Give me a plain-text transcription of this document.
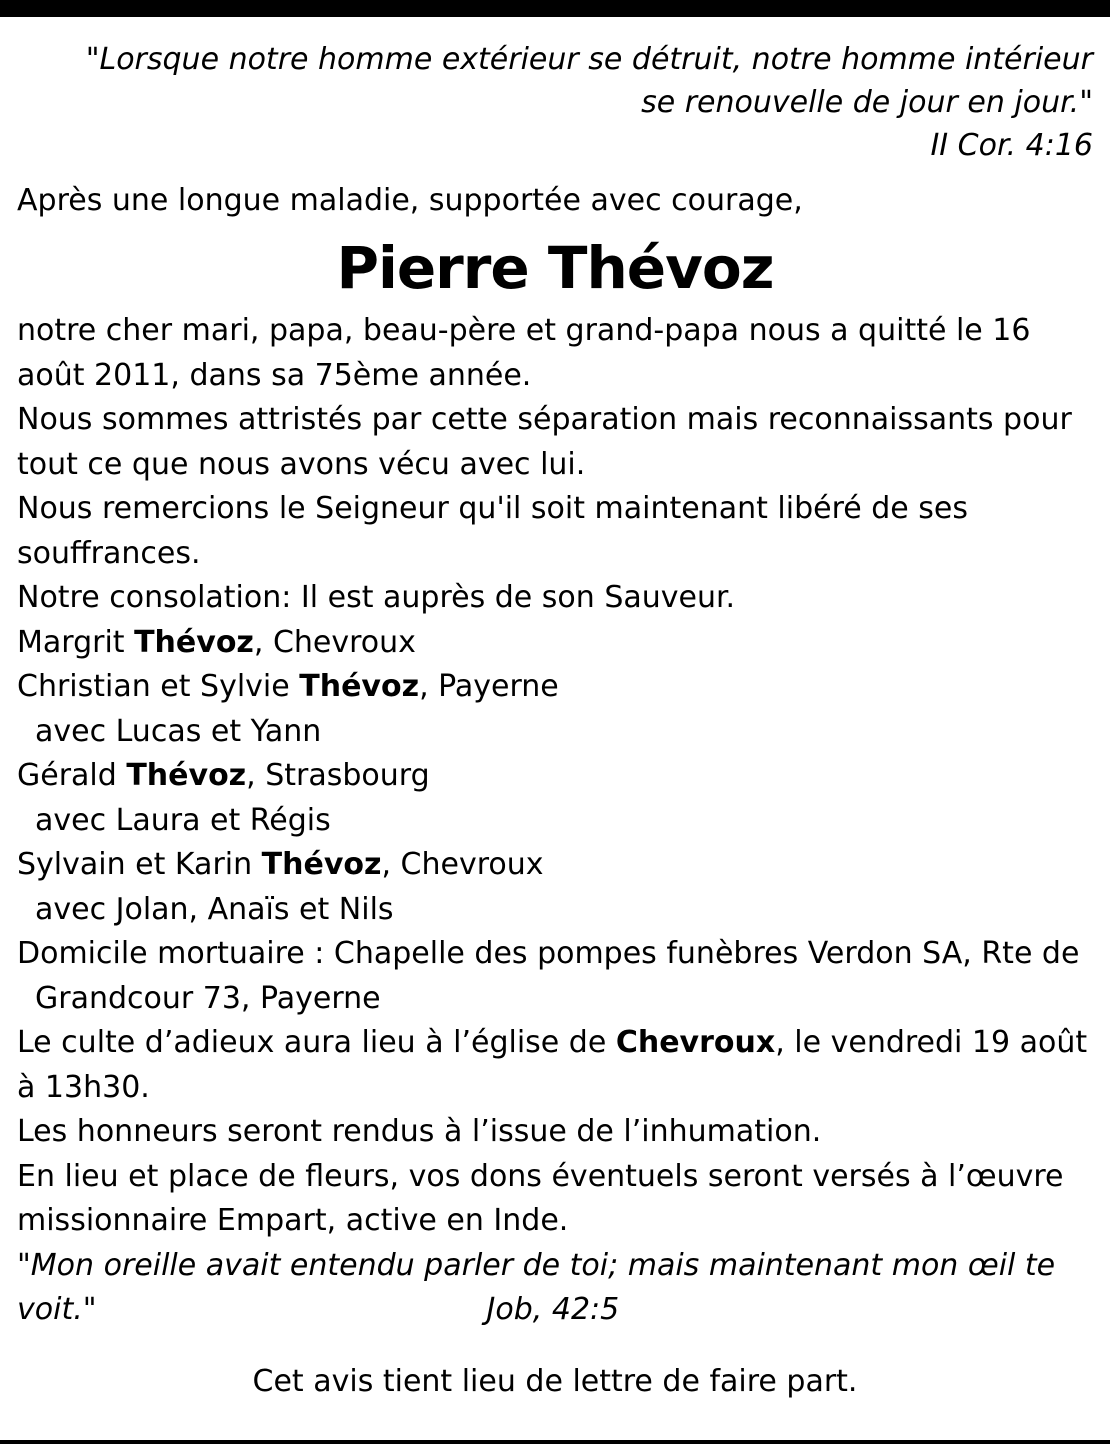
"Lorsque notre homme extérieur se détruit, notre homme intérieur

se renouvelle de jour en jour."

II Cor. 4:16

Après une longue maladie, supportée avec courage,

Pierre Thévoz

notre cher mari, papa, beau-père et grand-papa nous a quitté le 16 août 2011, dans sa 75ème année.

Nous sommes attristés par cette séparation mais reconnaissants pour tout ce que nous avons vécu avec lui.

Nous remercions le Seigneur qu'il soit maintenant libéré de ses souffrances.

Notre consolation: Il est auprès de son Sauveur.

Margrit Thévoz, Chevroux

Christian et Sylvie Thévoz, Payerne

avec Lucas et Yann

Gérald Thévoz, Strasbourg

avec Laura et Régis

Sylvain et Karin Thévoz, Chevroux

avec Jolan, Anaïs et Nils

Domicile mortuaire : Chapelle des pompes funèbres Verdon SA, Rte de Grandcour 73, Payerne

Le culte d’adieux aura lieu à l’église de Chevroux, le vendredi 19 août à 13h30.

Les honneurs seront rendus à l’issue de l’inhumation.

En lieu et place de fleurs, vos dons éventuels seront versés à l’œuvre missionnaire Empart, active en Inde.

"Mon oreille avait entendu parler de toi; mais maintenant mon œil te voit."	Job, 42:5

Cet avis tient lieu de lettre de faire part.
